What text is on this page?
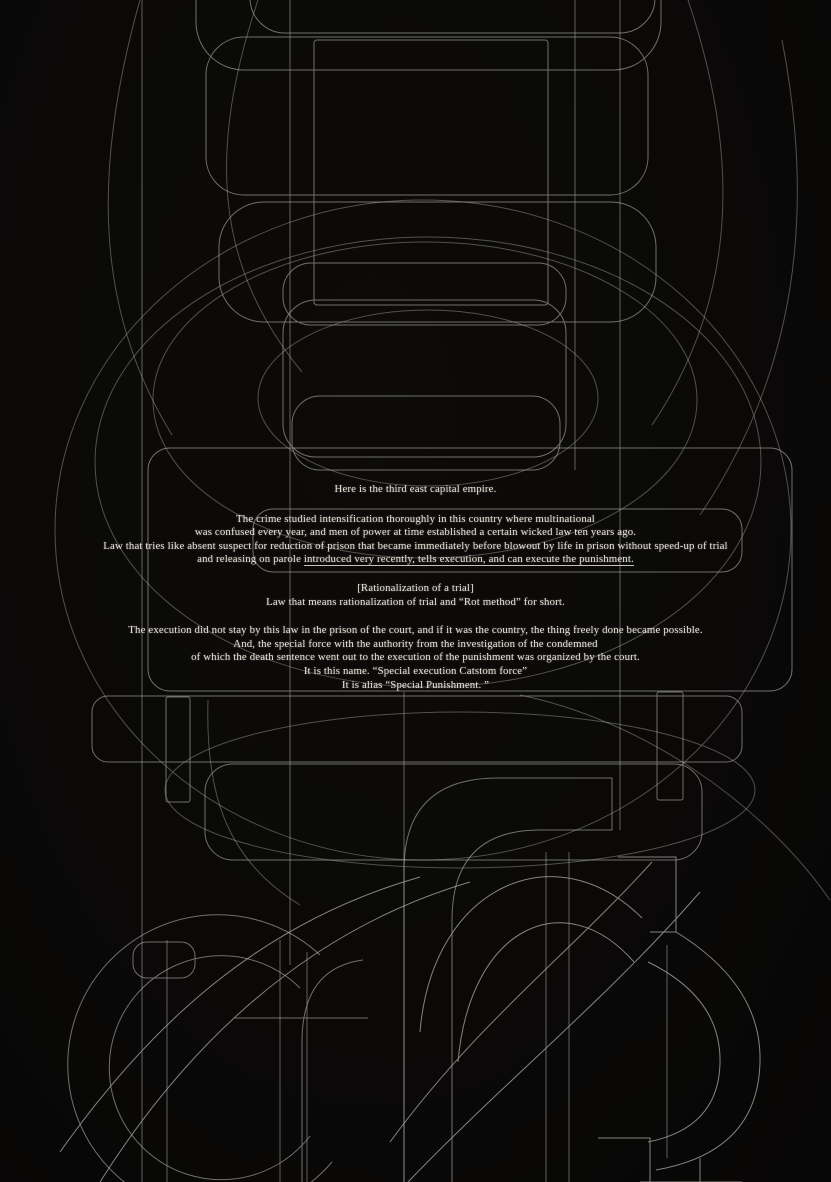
Here is the third east capital empire.
The crime studied intensification thoroughly in this country where multinational
was confused every year, and men of power at time established a certain wicked law ten years ago.
Law that tries like absent suspect for reduction of prison that became immediately before blowout by life in prison without speed-up of trial
and releasing on parole introduced very recently, tells execution, and can execute the punishment.
[Rationalization of a trial]
Law that means rationalization of trial and “Rot method” for short.
The execution did not stay by this law in the prison of the court, and if it was the country, the thing freely done became possible.
And, the special force with the authority from the investigation of the condemned
of which the death sentence went out to the execution of the punishment was organized by the court.
It is this name. “Special execution Catstom force”
It is alias “Special Punishment. ”
